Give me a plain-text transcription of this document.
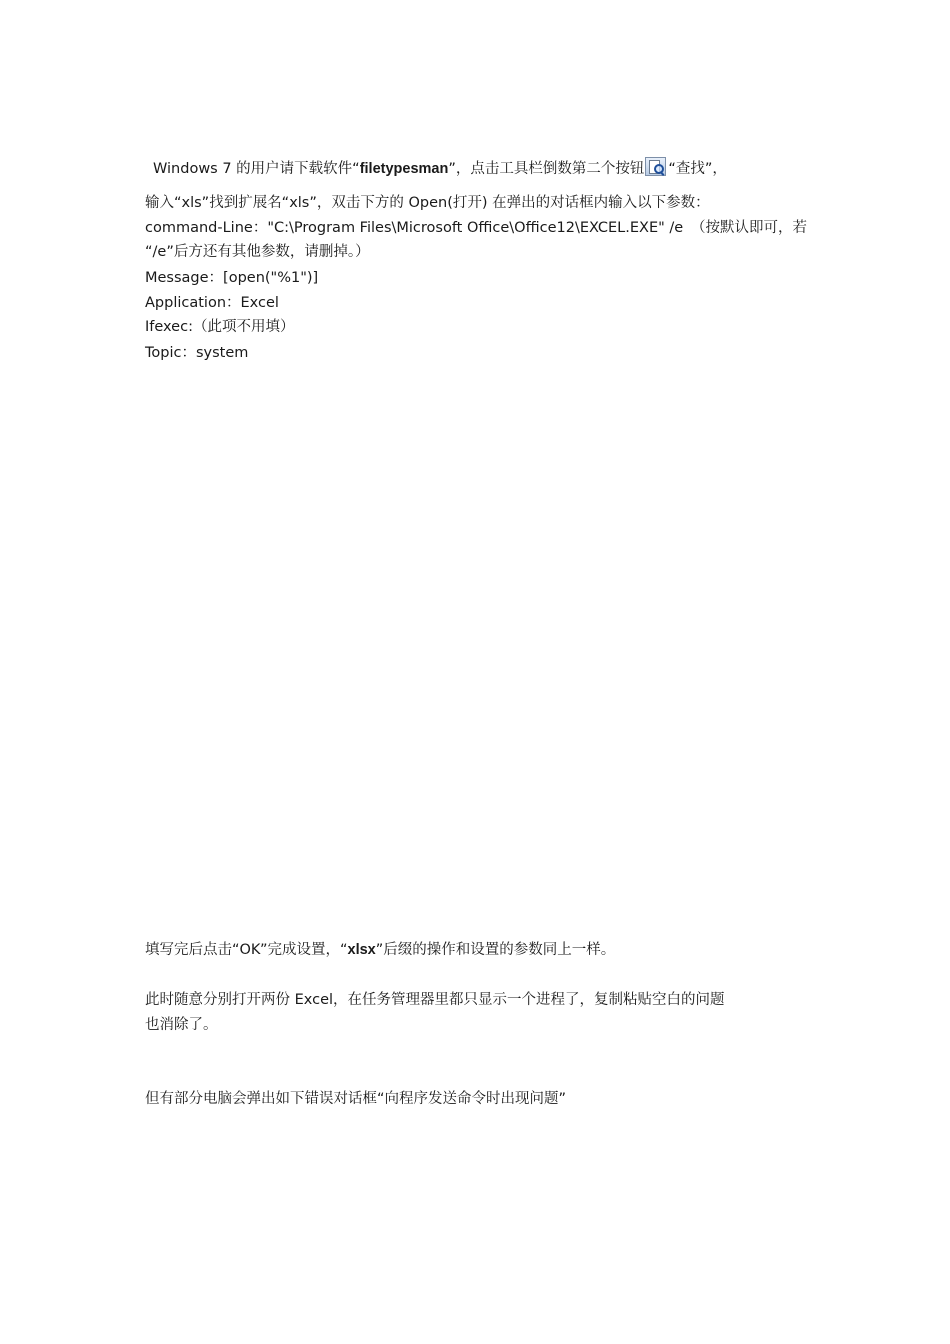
Windows 7 的用户请下载软件“filetypesman”，点击工具栏倒数第二个按钮 “查找”，
输入“xls”找到扩展名“xls”，双击下方的 Open(打开) 在弹出的对话框内输入以下参数：
command-Line："C:\Program Files\Microsoft Office\Office12\EXCEL.EXE" /e （按默认即可，若
“/e”后方还有其他参数，请删掉。）
Message：[open("%1")]
Application：Excel
Ifexec:（此项不用填）
Topic：system
填写完后点击“OK”完成设置，“xlsx”后缀的操作和设置的参数同上一样。
此时随意分别打开两份 Excel，在任务管理器里都只显示一个进程了，复制粘贴空白的问题
也消除了。
但有部分电脑会弹出如下错误对话框“向程序发送命令时出现问题”
